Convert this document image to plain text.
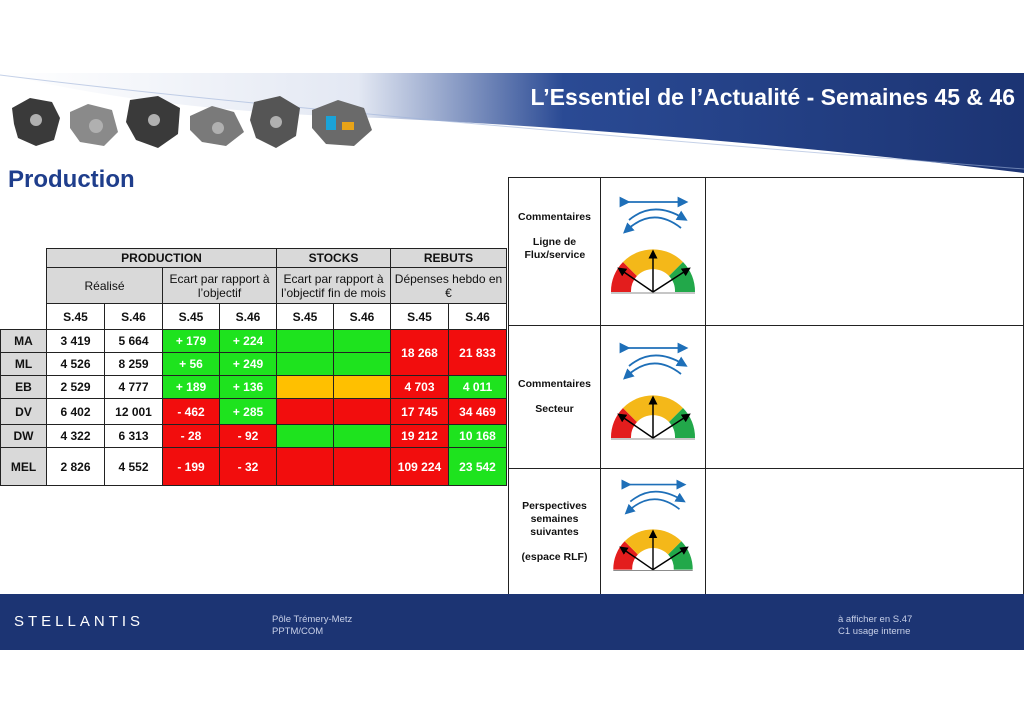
L’Essentiel de l’Actualité - Semaines 45 & 46
Production
	PRODUCTION				STOCKS		REBUTS	
	Réalisé		Ecart par rapport à l’objectif		Ecart par rapport à l’objectif fin de mois		Dépenses hebdo en €	
	S.45	S.46	S.45	S.46	S.45	S.46	S.45	S.46
MA	3 419	5 664	+ 179	+ 224			18 268	21 833
ML	4 526	8 259	+ 56	+ 249				
EB	2 529	4 777	+ 189	+ 136			4 703	4 011
DV	6 402	12 001	- 462	+ 285			17 745	34 469
DW	4 322	6 313	- 28	- 92			19 212	10 168
MEL	2 826	4 552	- 199	- 32			109 224	23 542
Commentaires
Ligne de Flux/service

Commentaires
Secteur

Perspectives semaines suivantes
(espace RLF)

STELLANTIS	Pôle Trémery-Metz
PPTM/COM
à afficher en S.47
C1 usage interne
